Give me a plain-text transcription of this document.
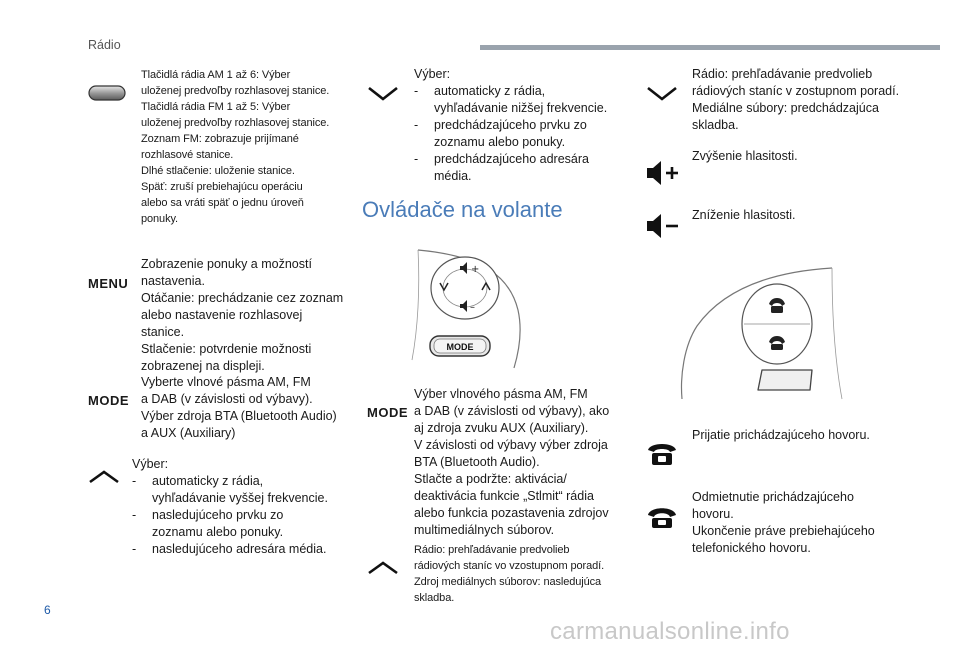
Rádio
Tlačidlá rádia AM 1 až 6: Výber
uloženej predvoľby rozhlasovej stanice.
Tlačidlá rádia FM 1 až 5: Výber
uloženej predvoľby rozhlasovej stanice.
Zoznam FM: zobrazuje prijímané
rozhlasové stanice.
Dlhé stlačenie: uloženie stanice.
Späť: zruší prebiehajúcu operáciu
alebo sa vráti späť o jednu úroveň
ponuky.
MENU
Zobrazenie ponuky a možností
nastavenia.
Otáčanie: prechádzanie cez zoznam
alebo nastavenie rozhlasovej
stanice.
Stlačenie: potvrdenie možnosti
zobrazenej na displeji.
MODE
Vyberte vlnové pásma AM, FM
a DAB (v závislosti od výbavy).
Výber zdroja BTA (Bluetooth Audio)
a AUX (Auxiliary)
Výber:
-	automaticky z rádia,
vyhľadávanie vyššej frekvencie.
-	nasledujúceho prvku zo
zoznamu alebo ponuky.
-	nasledujúceho adresára média.
Výber:
-	automaticky z rádia,
vyhľadávanie nižšej frekvencie.
-	predchádzajúceho prvku zo
zoznamu alebo ponuky.
-	predchádzajúceho adresára
média.
Ovládače na volante
+
–
MODE
MODE
Výber vlnového pásma AM, FM
a DAB (v závislosti od výbavy), ako
aj zdroja zvuku AUX (Auxiliary).
V závislosti od výbavy výber zdroja
BTA (Bluetooth Audio).
Stlačte a podržte: aktivácia/
deaktivácia funkcie „Stlmit“ rádia
alebo funkcia pozastavenia zdrojov
multimediálnych súborov.
Rádio: prehľadávanie predvolieb
rádiových staníc vo vzostupnom poradí.
Zdroj mediálnych súborov: nasledujúca
skladba.
Rádio: prehľadávanie predvolieb
rádiových staníc v zostupnom poradí.
Mediálne súbory: predchádzajúca
skladba.
Zvýšenie hlasitosti.
Zníženie hlasitosti.
Prijatie prichádzajúceho hovoru.
Odmietnutie prichádzajúceho
hovoru.
Ukončenie práve prebiehajúceho
telefonického hovoru.
6
carmanualsonline.info
